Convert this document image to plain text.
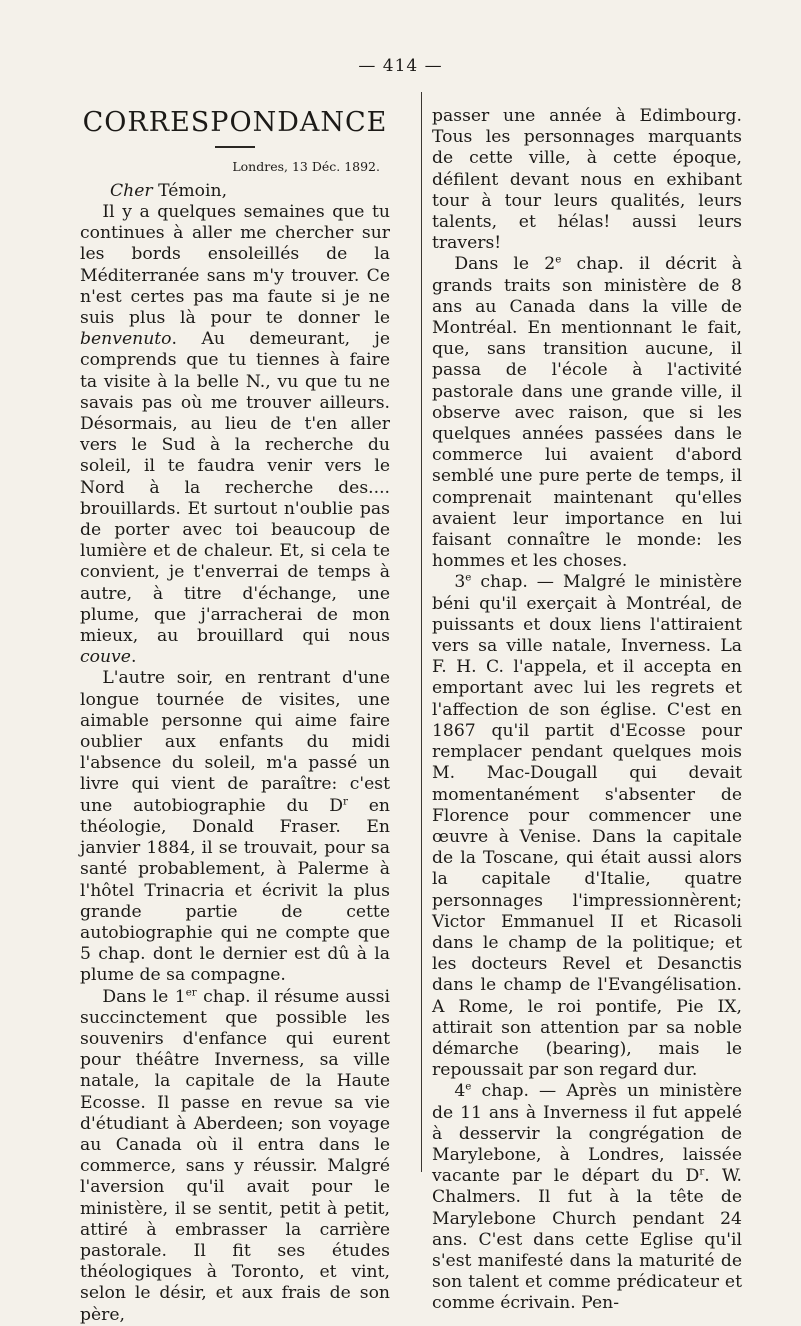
— 414 —
CORRESPONDANCE
Londres, 13 Déc. 1892.
Cher Témoin,

Il y a quelques semaines que tu continues à aller me chercher sur les bords ensoleillés de la Méditerranée sans m'y trouver. Ce n'est certes pas ma faute si je ne suis plus là pour te donner le benvenuto. Au demeurant, je comprends que tu tiennes à faire ta visite à la belle N., vu que tu ne savais pas où me trouver ailleurs. Désormais, au lieu de t'en aller vers le Sud à la recherche du soleil, il te faudra venir vers le Nord à la recherche des.... brouillards. Et surtout n'oublie pas de porter avec toi beaucoup de lumière et de chaleur. Et, si cela te convient, je t'enverrai de temps à autre, à titre d'échange, une plume, que j'arracherai de mon mieux, au brouillard qui nous couve.

L'autre soir, en rentrant d'une longue tournée de visites, une aimable personne qui aime faire oublier aux enfants du midi l'absence du soleil, m'a passé un livre qui vient de paraître: c'est une autobiographie du $D^r$ en théologie, Donald Fraser. En janvier 1884, il se trouvait, pour sa santé probablement, à Palerme à l'hôtel Trinacria et écrivit la plus grande partie de cette autobiographie qui ne compte que 5 chap. dont le dernier est dû à la plume de sa compagne.

Dans le 1er chap. il résume aussi succinctement que possible les souvenirs d'enfance qui eurent pour théâtre Inverness, sa ville natale, la capitale de la Haute Ecosse. Il passe en revue sa vie d'étudiant à Aberdeen; son voyage au Canada où il entra dans le commerce, sans y réussir. Malgré l'aversion qu'il avait pour le ministère, il se sentit, petit à petit, attiré à embrasser la carrière pastorale. Il fit ses études théologiques à Toronto, et vint, selon le désir, et aux frais de son père,

passer une année à Edimbourg. Tous les personnages marquants de cette ville, à cette époque, défilent devant nous en exhibant tour à tour leurs qualités, leurs talents, et hélas! aussi leurs travers!

Dans le 2e chap. il décrit à grands traits son ministère de 8 ans au Canada dans la ville de Montréal. En mentionnant le fait, que, sans transition aucune, il passa de l'école à l'activité pastorale dans une grande ville, il observe avec raison, que si les quelques années passées dans le commerce lui avaient d'abord semblé une pure perte de temps, il comprenait maintenant qu'elles avaient leur importance en lui faisant connaître le monde: les hommes et les choses.

3e chap. — Malgré le ministère béni qu'il exerçait à Montréal, de puissants et doux liens l'attiraient vers sa ville natale, Inverness. La F. H. C. l'appela, et il accepta en emportant avec lui les regrets et l'affection de son église. C'est en 1867 qu'il partit d'Ecosse pour remplacer pendant quelques mois M. Mac-Dougall qui devait momentanément s'absenter de Florence pour commencer une œuvre à Venise. Dans la capitale de la Toscane, qui était aussi alors la capitale d'Italie, quatre personnages l'impressionnèrent; Victor Emmanuel II et Ricasoli dans le champ de la politique; et les docteurs Revel et Desanctis dans le champ de l'Evangélisation. A Rome, le roi pontife, Pie IX, attirait son attention par sa noble démarche (bearing), mais le repoussait par son regard dur.

4e chap. — Après un ministère de 11 ans à Inverness il fut appelé à desservir la congrégation de Marylebone, à Londres, laissée vacante par le départ du $D^r$. W. Chalmers. Il fut à la tête de Marylebone Church pendant 24 ans. C'est dans cette Eglise qu'il s'est manifesté dans la maturité de son talent et comme prédicateur et comme écrivain. Pen-
